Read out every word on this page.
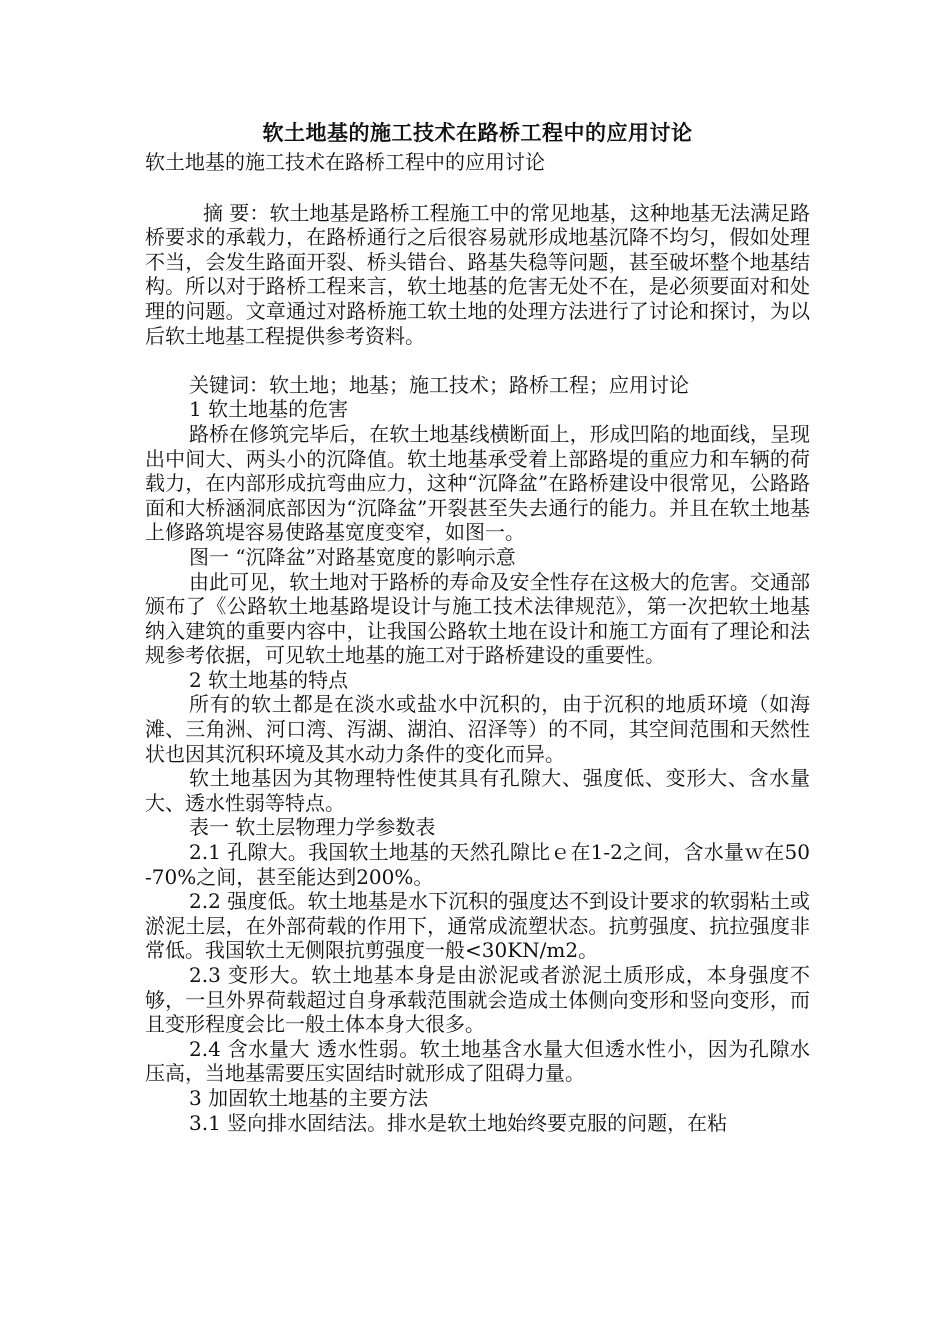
软土地基的施工技术在路桥工程中的应用讨论

软土地基的施工技术在路桥工程中的应用讨论

摘 要：软土地基是路桥工程施工中的常见地基，这种地基无法满足路桥要求的承载力，在路桥通行之后很容易就形成地基沉降不均匀，假如处理不当，会发生路面开裂、桥头错台、路基失稳等问题，甚至破坏整个地基结构。所以对于路桥工程来言，软土地基的危害无处不在，是必须要面对和处理的问题。文章通过对路桥施工软土地的处理方法进行了讨论和探讨，为以后软土地基工程提供参考资料。

关键词：软土地；地基；施工技术；路桥工程；应用讨论

1 软土地基的危害

路桥在修筑完毕后，在软土地基线横断面上，形成凹陷的地面线，呈现出中间大、两头小的沉降值。软土地基承受着上部路堤的重应力和车辆的荷载力，在内部形成抗弯曲应力，这种“沉降盆”在路桥建设中很常见，公路路面和大桥涵洞底部因为“沉降盆”开裂甚至失去通行的能力。并且在软土地基上修路筑堤容易使路基宽度变窄，如图一。

图一 “沉降盆”对路基宽度的影响示意

由此可见，软土地对于路桥的寿命及安全性存在这极大的危害。交通部颁布了《公路软土地基路堤设计与施工技术法律规范》，第一次把软土地基纳入建筑的重要内容中，让我国公路软土地在设计和施工方面有了理论和法规参考依据，可见软土地基的施工对于路桥建设的重要性。

2 软土地基的特点

所有的软土都是在淡水或盐水中沉积的，由于沉积的地质环境（如海滩、三角洲、河口湾、泻湖、湖泊、沼泽等）的不同，其空间范围和天然性状也因其沉积环境及其水动力条件的变化而异。

软土地基因为其物理特性使其具有孔隙大、强度低、变形大、含水量大、透水性弱等特点。

表一 软土层物理力学参数表

2.1 孔隙大。我国软土地基的天然孔隙比ｅ在1-2之间，含水量ｗ在50-70%之间，甚至能达到200%。

2.2 强度低。软土地基是水下沉积的强度达不到设计要求的软弱粘土或淤泥土层，在外部荷载的作用下，通常成流塑状态。抗剪强度、抗拉强度非常低。我国软土无侧限抗剪强度一般<30KN/m2。

2.3 变形大。软土地基本身是由淤泥或者淤泥土质形成，本身强度不够，一旦外界荷载超过自身承载范围就会造成土体侧向变形和竖向变形，而且变形程度会比一般土体本身大很多。

2.4 含水量大 透水性弱。软土地基含水量大但透水性小，因为孔隙水压高，当地基需要压实固结时就形成了阻碍力量。

3 加固软土地基的主要方法

3.1 竖向排水固结法。排水是软土地始终要克服的问题，在粘
